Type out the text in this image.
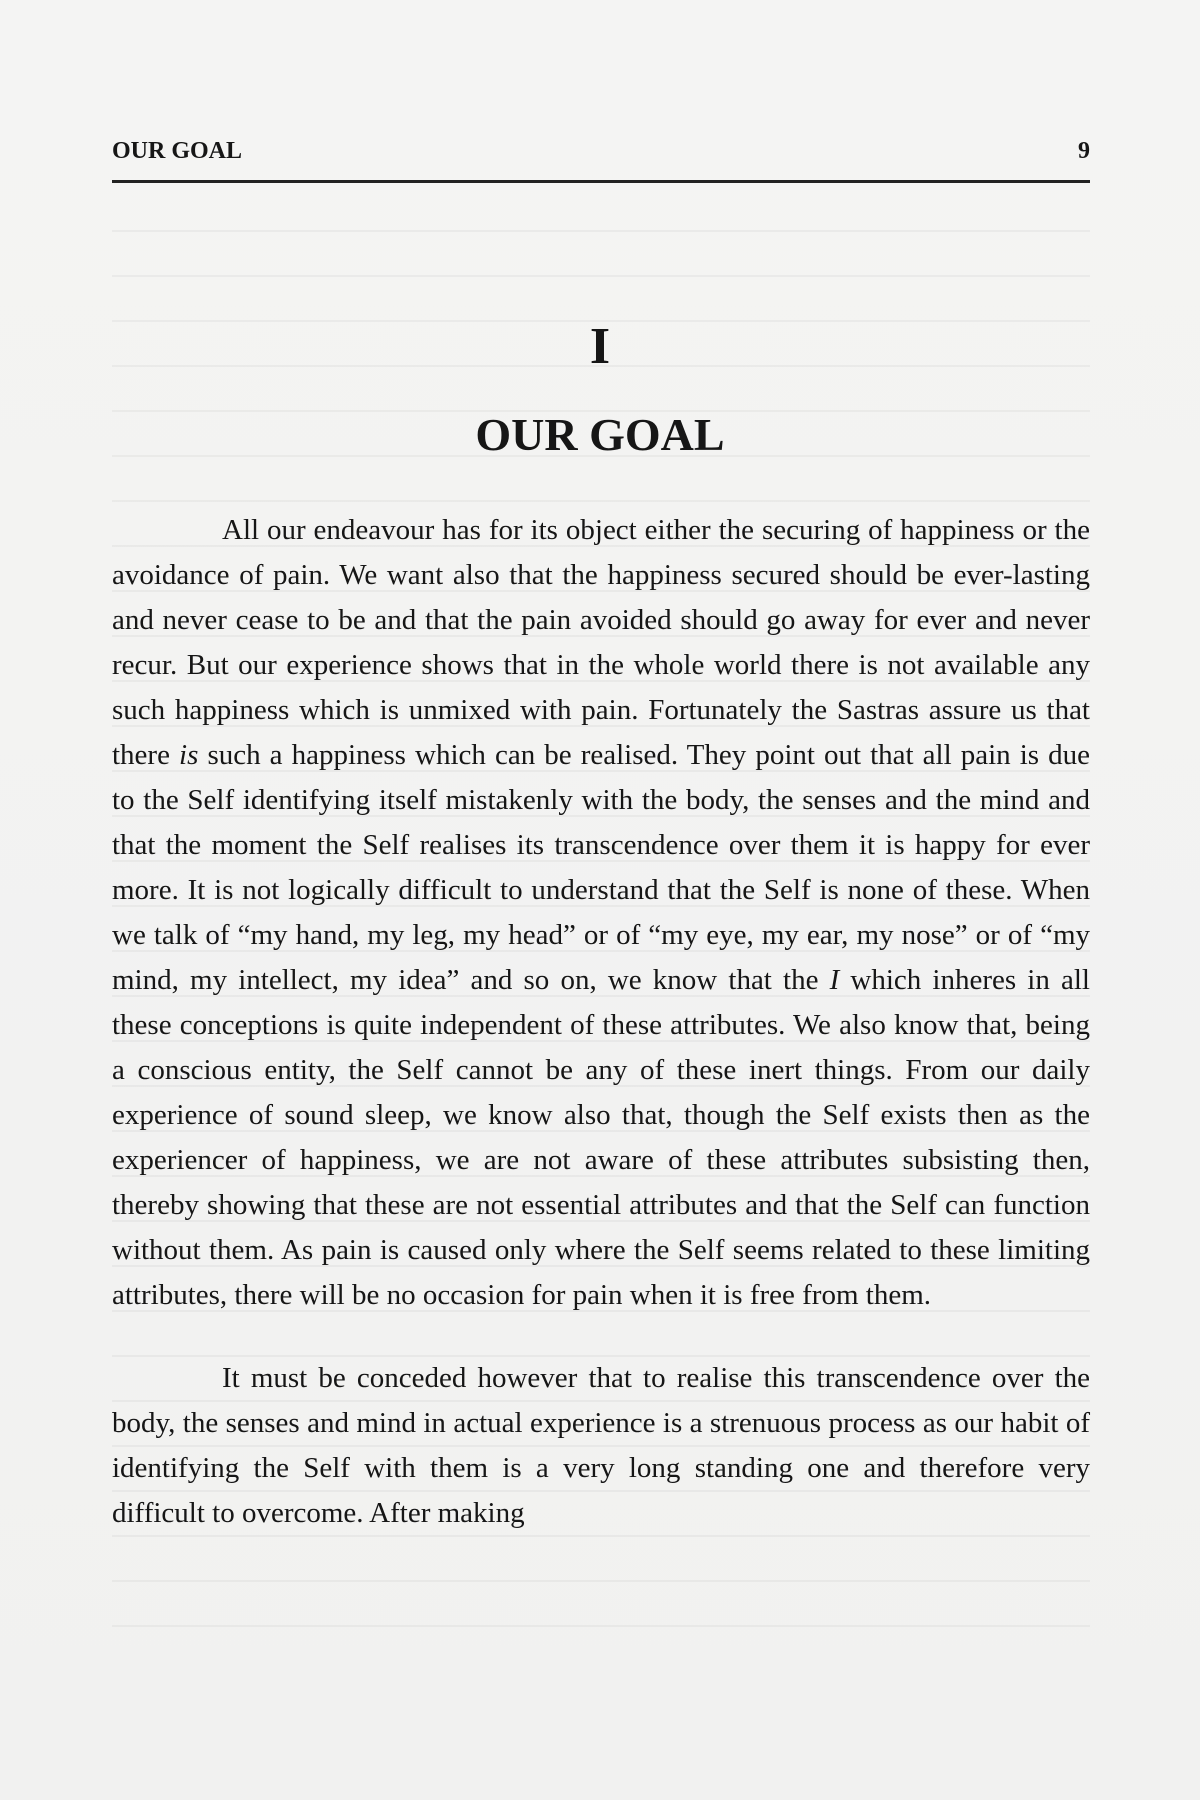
OUR GOAL	9
I
OUR GOAL

All our endeavour has for its object either the securing of happiness or the avoidance of pain. We want also that the happiness secured should be ever-lasting and never cease to be and that the pain avoided should go away for ever and never recur. But our experience shows that in the whole world there is not available any such happiness which is unmixed with pain. Fortunately the Sastras assure us that there is such a happiness which can be realised. They point out that all pain is due to the Self identifying itself mistakenly with the body, the senses and the mind and that the moment the Self realises its transcendence over them it is happy for ever more. It is not logically difficult to understand that the Self is none of these. When we talk of “my hand, my leg, my head” or of “my eye, my ear, my nose” or of “my mind, my intellect, my idea” and so on, we know that the I which inheres in all these conceptions is quite independent of these attributes. We also know that, being a conscious entity, the Self cannot be any of these inert things. From our daily experience of sound sleep, we know also that, though the Self exists then as the experiencer of happiness, we are not aware of these attributes subsisting then, thereby showing that these are not essential attributes and that the Self can function without them. As pain is caused only where the Self seems related to these limiting attributes, there will be no occasion for pain when it is free from them.

It must be conceded however that to realise this transcendence over the body, the senses and mind in actual experience is a strenuous process as our habit of identifying the Self with them is a very long standing one and therefore very difficult to overcome. After making
